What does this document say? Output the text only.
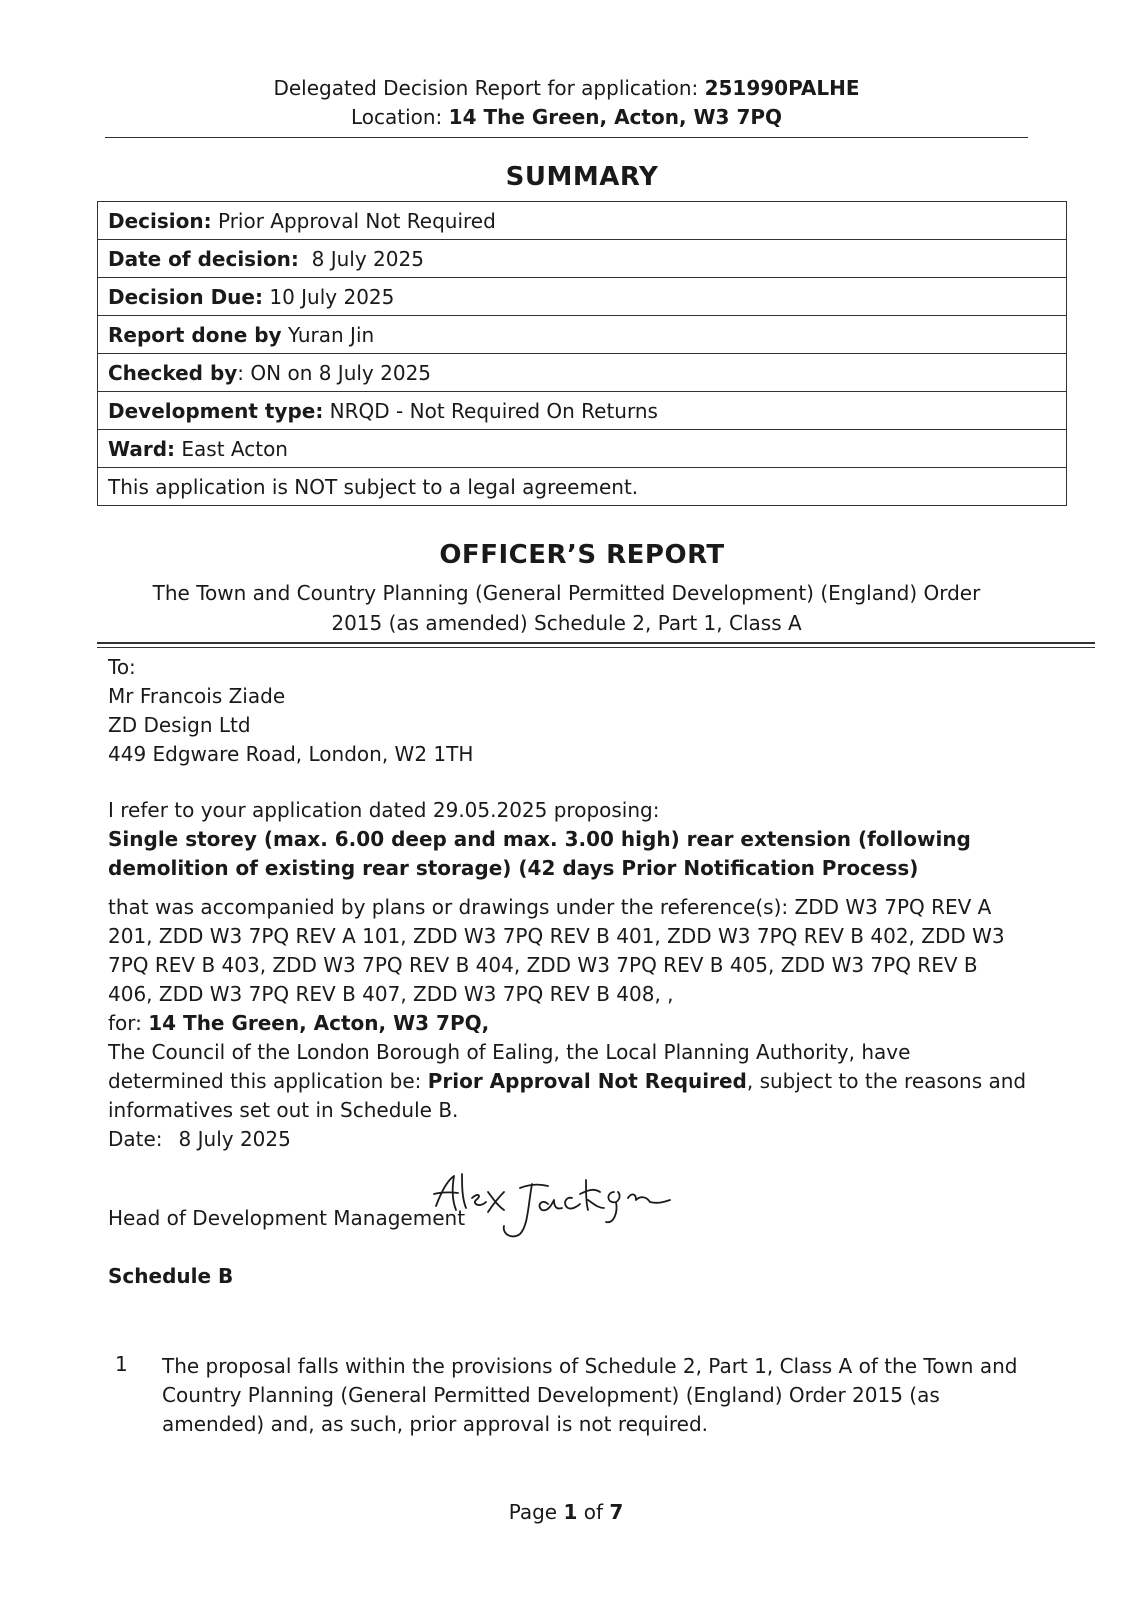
Delegated Decision Report for application: 251990PALHE
Location: 14 The Green, Acton, W3 7PQ
SUMMARY
Decision: Prior Approval Not Required
Date of decision:  8 July 2025
Decision Due: 10 July 2025
Report done by Yuran Jin
Checked by: ON on 8 July 2025
Development type: NRQD - Not Required On Returns
Ward: East Acton
This application is NOT subject to a legal agreement.
OFFICER’S REPORT
The Town and Country Planning (General Permitted Development) (England) Order
2015 (as amended) Schedule 2, Part 1, Class A
To:
Mr Francois Ziade
ZD Design Ltd
449 Edgware Road, London, W2 1TH
I refer to your application dated 29.05.2025 proposing:
Single storey (max. 6.00 deep and max. 3.00 high) rear extension (following demolition of existing rear storage) (42 days Prior Notification Process)
that was accompanied by plans or drawings under the reference(s): ZDD W3 7PQ REV A 201, ZDD W3 7PQ REV A 101, ZDD W3 7PQ REV B 401, ZDD W3 7PQ REV B 402, ZDD W3 7PQ REV B 403, ZDD W3 7PQ REV B 404, ZDD W3 7PQ REV B 405, ZDD W3 7PQ REV B 406, ZDD W3 7PQ REV B 407, ZDD W3 7PQ REV B 408, ,
for: 14 The Green, Acton, W3 7PQ,
The Council of the London Borough of Ealing, the Local Planning Authority, have determined this application be: Prior Approval Not Required, subject to the reasons and informatives set out in Schedule B.
Date: 8 July 2025
Head of Development Management
Schedule B
1 The proposal falls within the provisions of Schedule 2, Part 1, Class A of the Town and Country Planning (General Permitted Development) (England) Order 2015 (as amended) and, as such, prior approval is not required.
Page 1 of 7
